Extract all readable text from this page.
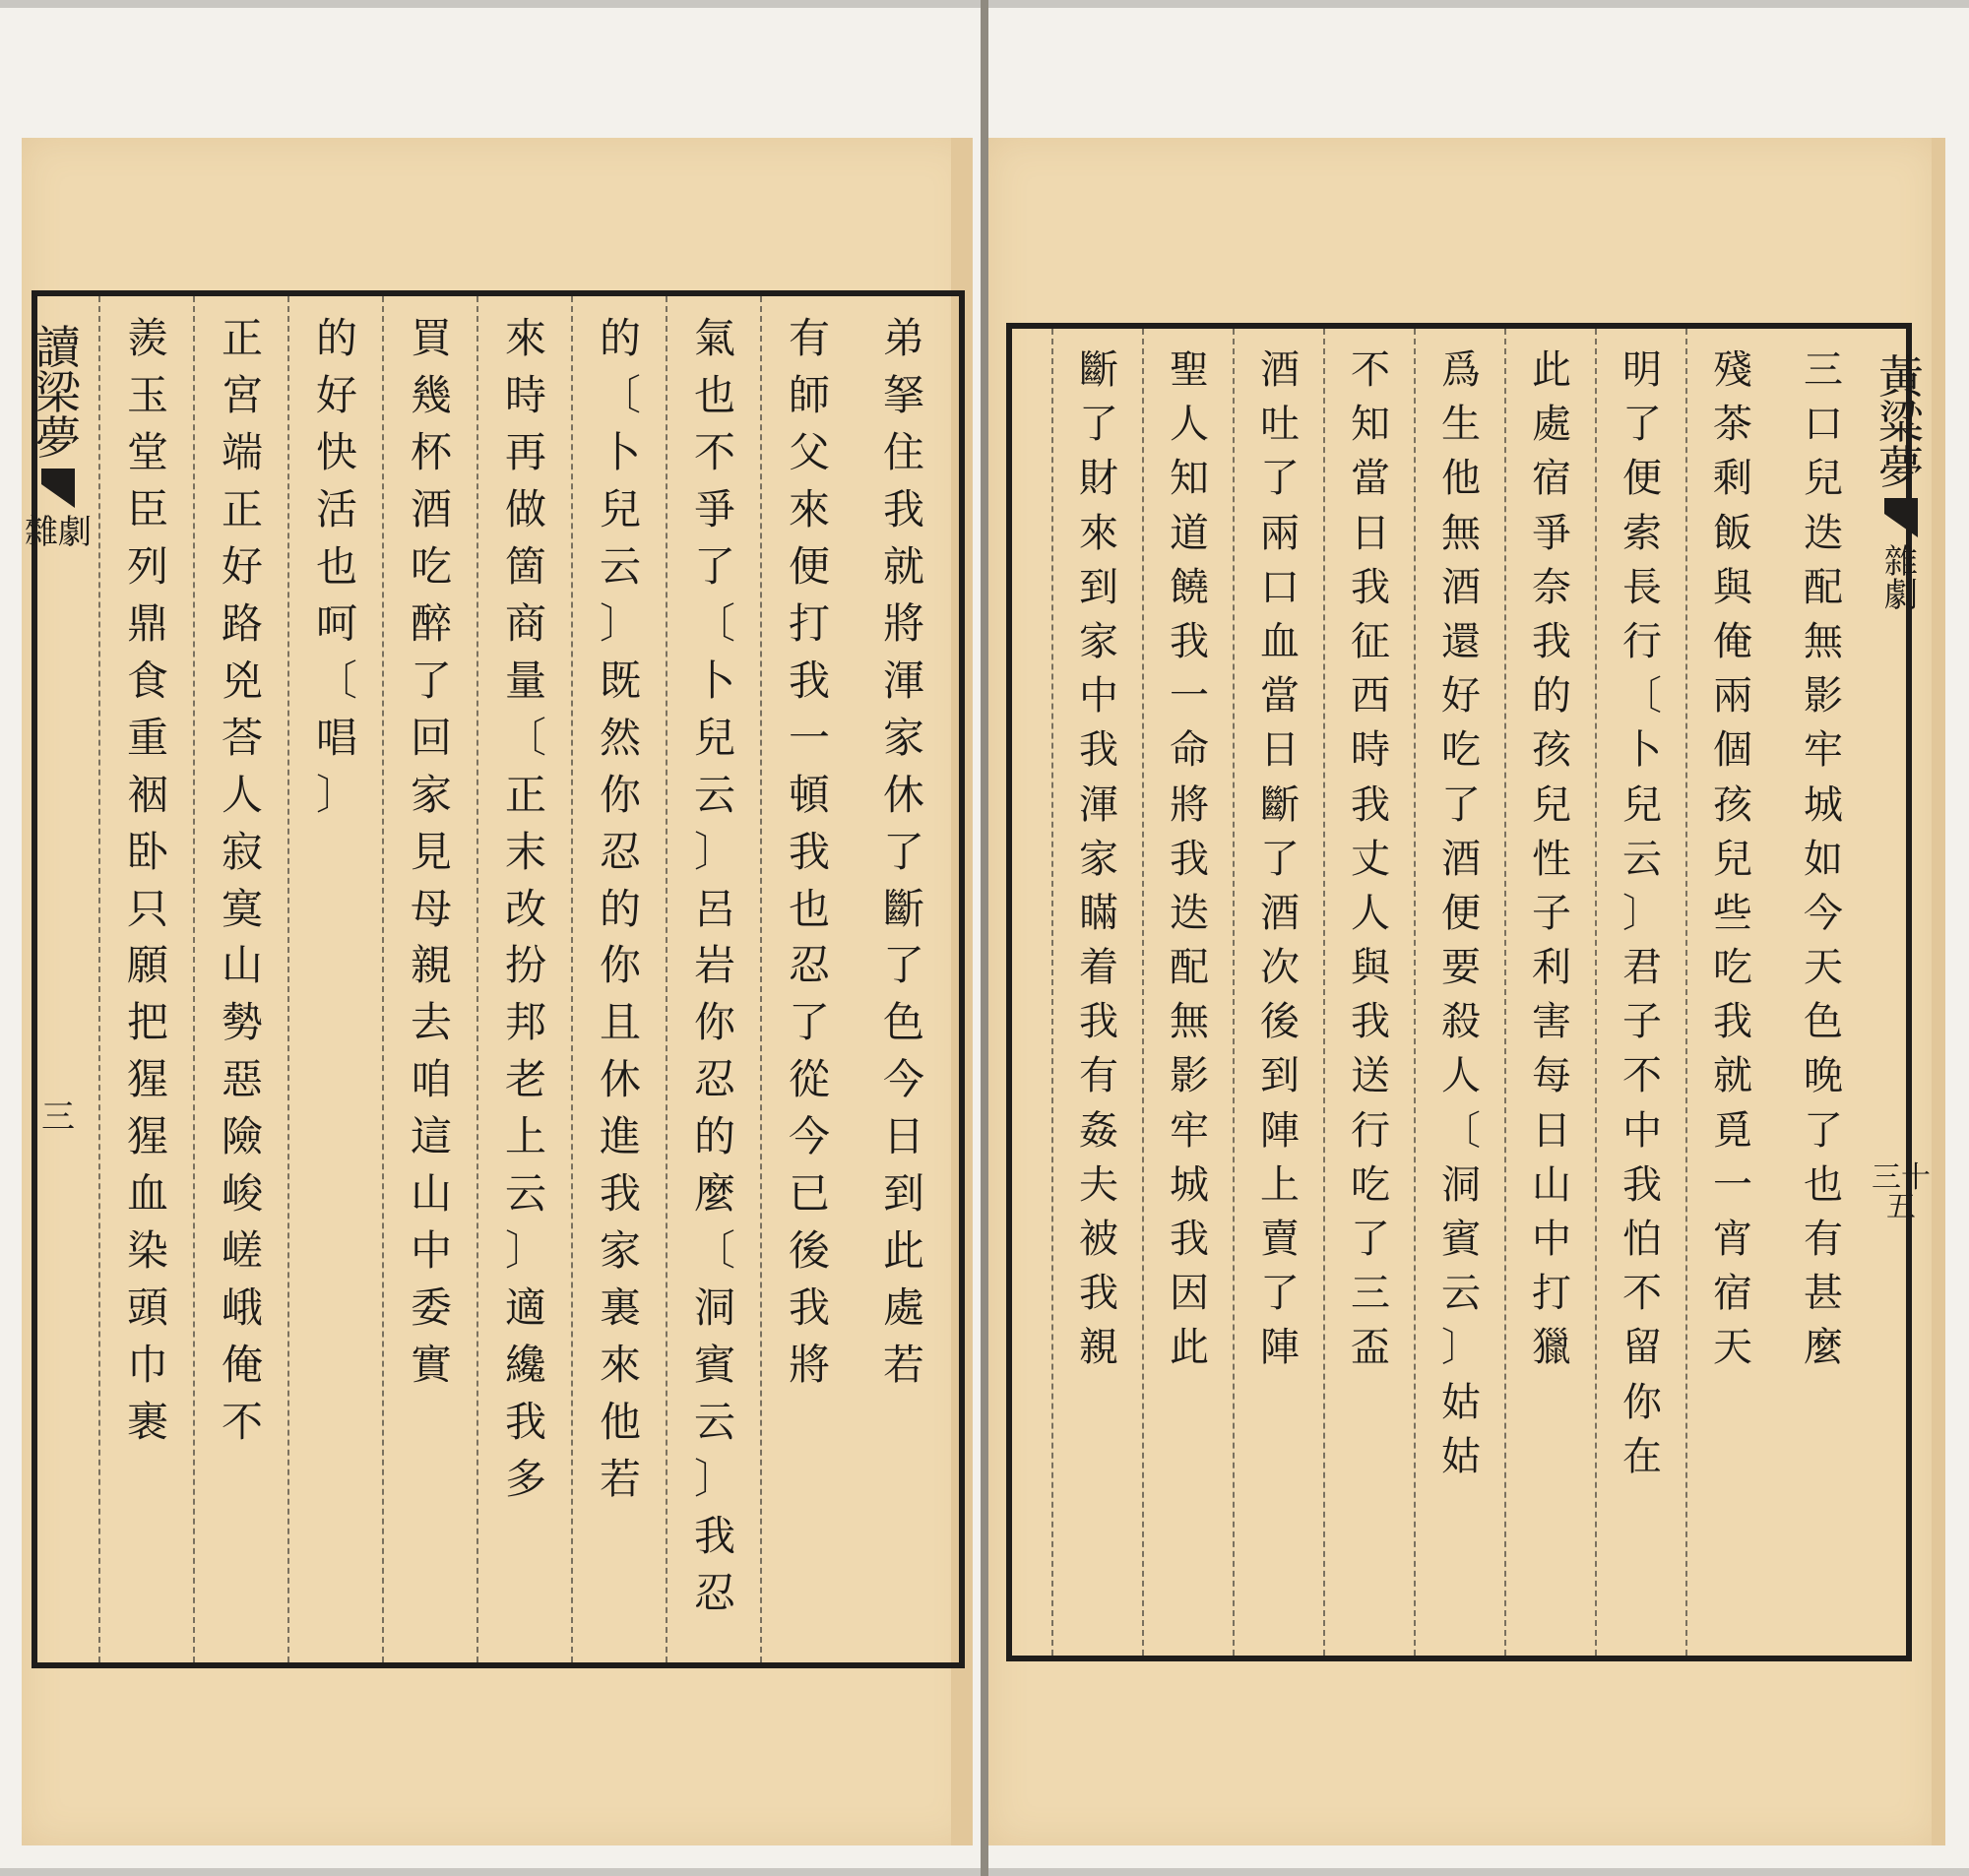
弟
拏
住
我
就
將
渾
家
休
了
斷
了
色
今
日
到
此
處
若
有
師
父
來
便
打
我
一
頓
我
也
忍
了
從
今
已
後
我
將
氣
也
不
爭
了
〔
卜
兒
云
〕
呂
岩
你
忍
的
麼
〔
洞
賓
云
〕
我
忍
的
〔
卜
兒
云
〕
既
然
你
忍
的
你
且
休
進
我
家
裏
來
他
若
來
時
再
做
箇
商
量
〔
正
末
改
扮
邦
老
上
云
〕
適
纔
我
多
買
幾
杯
酒
吃
醉
了
回
家
見
母
親
去
咱
這
山
中
委
實
的
好
快
活
也
呵
〔
唱
〕
正
宮
端
正
好
路
兇
荅
人
寂
寞
山
勢
惡
險
峻
嵯
峨
俺
不
羨
玉
堂
臣
列
鼎
食
重
裀
卧
只
願
把
猩
猩
血
染
頭
巾
裹
讀梁夢
雜劇
三
三
口
兒
迭
配
無
影
牢
城
如
今
天
色
晚
了
也
有
甚
麼
殘
茶
剩
飯
與
俺
兩
個
孩
兒
些
吃
我
就
覓
一
宵
宿
天
明
了
便
索
長
行
〔
卜
兒
云
〕
君
子
不
中
我
怕
不
留
你
在
此
處
宿
爭
奈
我
的
孩
兒
性
子
利
害
每
日
山
中
打
獵
爲
生
他
無
酒
還
好
吃
了
酒
便
要
殺
人
〔
洞
賓
云
〕
姑
姑
不
知
當
日
我
征
西
時
我
丈
人
與
我
送
行
吃
了
三
盃
酒
吐
了
兩
口
血
當
日
斷
了
酒
次
後
到
陣
上
賣
了
陣
聖
人
知
道
饒
我
一
命
將
我
迭
配
無
影
牢
城
我
因
此
斷
了
財
來
到
家
中
我
渾
家
瞞
着
我
有
姦
夫
被
我
親
黃粱夢
雜劇
三十五
